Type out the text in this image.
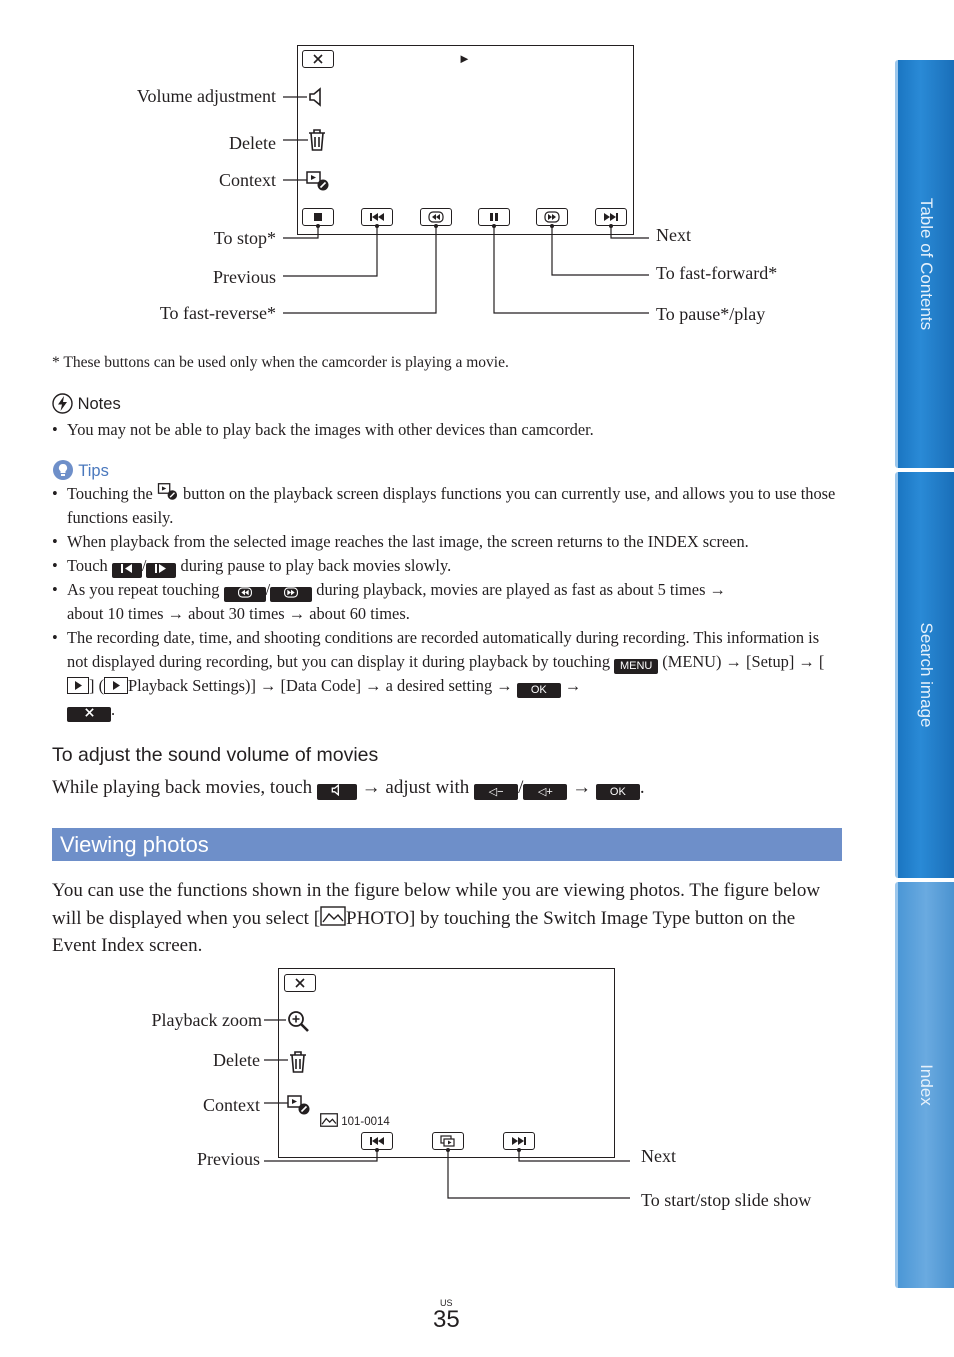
Table of Contents
Search image
Index
►
Volume adjustment
Delete
Context
To stop*
Previous
To fast-reverse*
Next
To fast-forward*
To pause*/play
* These buttons can be used only when the camcorder is playing a movie.
Notes
• You may not be able to play back the images with other devices than camcorder.
Tips
• Touching the button on the playback screen displays functions you can currently use, and allows you to use those functions easily.
• When playback from the selected image reaches the last image, the screen returns to the INDEX screen.
• Touch / during pause to play back movies slowly.
• As you repeat touching	/	during playback, movies are played as fast as about 5 times →
about 10 times → about 30 times → about 60 times.
• The recording date, time, and shooting conditions are recorded automatically during recording. This information is not displayed during recording, but you can display it during playback by touching MENU (MENU) → [Setup] → [
] ( Playback Settings)] → [Data Code] → a desired setting → OK →
.
To adjust the sound volume of movies
While playing back movies, touch	→ adjust with ◁− / ◁+ → OK .
Viewing photos
You can use the functions shown in the figure below while you are viewing photos. The figure below will be displayed when you select [ PHOTO] by touching the Switch Image Type button on the Event Index screen.
101-0014
Playback zoom
Delete
Context
Previous	Next
To start/stop slide show
US
35
